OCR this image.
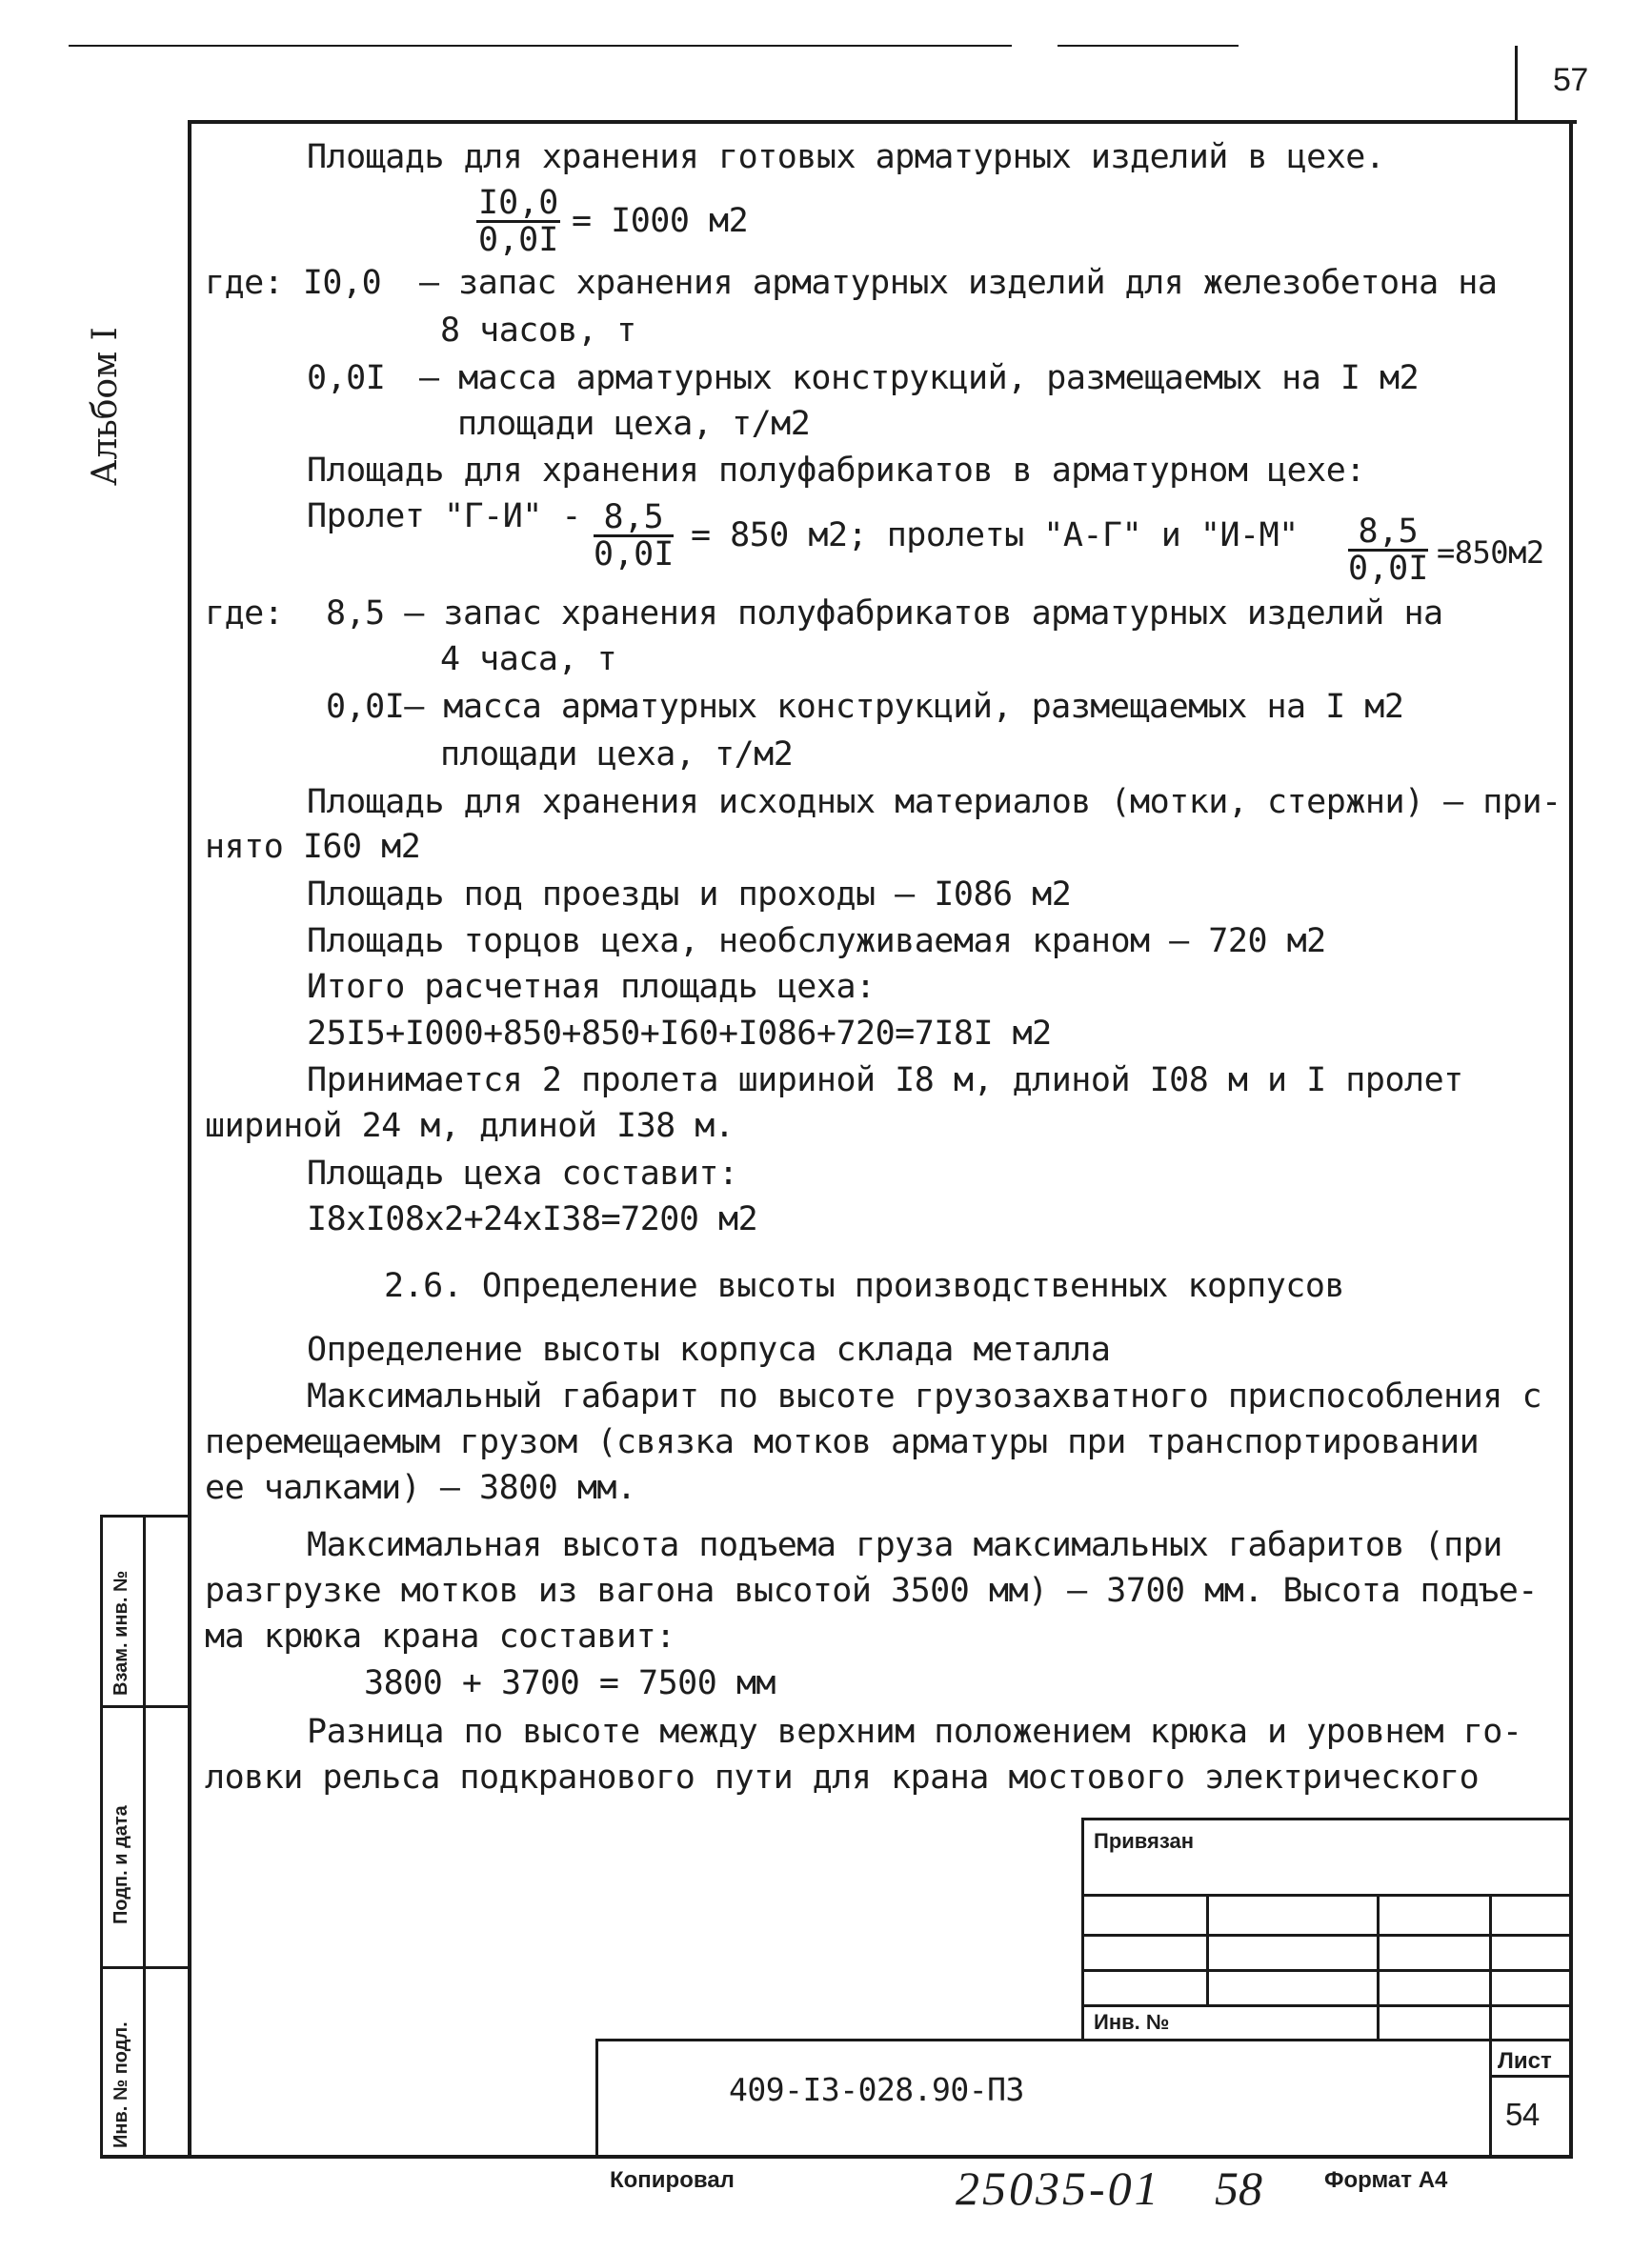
57
Альбом I
Площадь для хранения готовых арматурных изделий в цехе.
$\frac{I0,0}{0,0I} = I000$ м2
где: I0,0 – запас хранения арматурных изделий для железобетона на
8 часов, т
0,0I – масса арматурных конструкций, размещаемых на I м2
площади цеха, т/м2
Площадь для хранения полуфабрикатов в арматурном цехе:
Пролет "Г-И" - $\frac{8,5}{0,0I} = 850$ м2; пролеты "А-Г" и "И-М" $\frac{8,5}{0,0I} =850м2$
где: 8,5 – запас хранения полуфабрикатов арматурных изделий на
4 часа, т
0,0I– масса арматурных конструкций, размещаемых на I м2
площади цеха, т/м2
Площадь для хранения исходных материалов (мотки, стержни) – при-
нято I60 м2
Площадь под проезды и проходы – I086 м2
Площадь торцов цеха, необслуживаемая краном – 720 м2
Итого расчетная площадь цеха:
25I5+I000+850+850+I60+I086+720=7I8I м2
Принимается 2 пролета шириной I8 м, длиной I08 м и I пролет
шириной 24 м, длиной I38 м.
Площадь цеха составит:
I8хI08х2+24хI38=7200 м2
2.6. Определение высоты производственных корпусов
Определение высоты корпуса склада металла
Максимальный габарит по высоте грузозахватного приспособления с
перемещаемым грузом (связка мотков арматуры при транспортировании
ее чалками) – 3800 мм.
Максимальная высота подъема груза максимальных габаритов (при
разгрузке мотков из вагона высотой 3500 мм) – 3700 мм. Высота подъе-
ма крюка крана составит:
3800 + 3700 = 7500 мм
Разница по высоте между верхним положением крюка и уровнем го-
ловки рельса подкранового пути для крана мостового электрического
Взам. инв. №
Подп. и дата
Инв. № подл.
Привязан
Инв. №
409-I3-028.90-ПЗ
Лист
54
Копировал	25035-01 58	Формат А4
